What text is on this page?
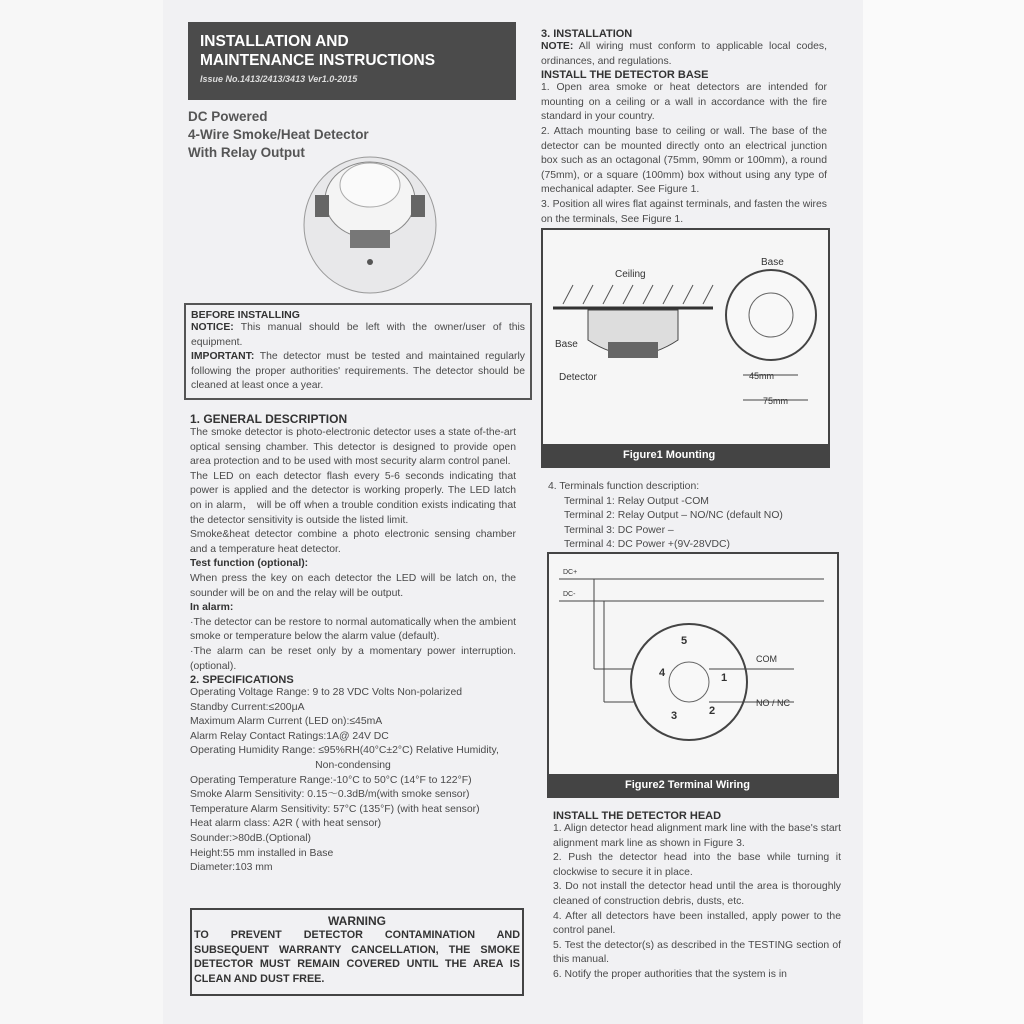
INSTALLATION AND
MAINTENANCE INSTRUCTIONS
Issue No.1413/2413/3413 Ver1.0-2015
DC Powered
4-Wire Smoke/Heat Detector
With Relay Output
BEFORE INSTALLING
NOTICE: This manual should be left with the owner/user of this equipment.
IMPORTANT: The detector must be tested and maintained regularly following the proper authorities' requirements. The detector should be cleaned at least once a year.
1. GENERAL DESCRIPTION
The smoke detector is photo-electronic detector uses a state of-the-art optical sensing chamber. This detector is designed to provide open area protection and to be used with most security alarm control panel.
The LED on each detector flash every 5-6 seconds indicating that power is applied and the detector is working properly. The LED latch on in alarm， will be off when a trouble condition exists indicating that the detector sensitivity is outside the listed limit.
Smoke&heat detector combine a photo electronic sensing chamber and a temperature heat detector.
Test function (optional):
When press the key on each detector the LED will be latch on, the sounder will be on and the relay will be output.
In alarm:
·The detector can be restore to normal automatically when the ambient smoke or temperature below the alarm value (default).
·The alarm can be reset only by a momentary power interruption. (optional).
2. SPECIFICATIONS
Operating Voltage Range: 9 to 28 VDC Volts Non-polarized
Standby Current:≤200μA
Maximum Alarm Current (LED on):≤45mA
Alarm Relay Contact Ratings:1A@ 24V DC
Operating Humidity Range: ≤95%RH(40°C±2°C) Relative Humidity,
Non-condensing
Operating Temperature Range:-10°C to 50°C (14°F to 122°F)
Smoke Alarm Sensitivity: 0.15～0.3dB/m(with smoke sensor)
Temperature Alarm Sensitivity: 57°C (135°F) (with heat sensor)
Heat alarm class: A2R ( with heat sensor)
Sounder:>80dB.(Optional)
Height:55 mm installed in Base
Diameter:103 mm
WARNING
TO PREVENT DETECTOR CONTAMINATION AND SUBSEQUENT WARRANTY CANCELLATION, THE SMOKE DETECTOR MUST REMAIN COVERED UNTIL THE AREA IS CLEAN AND DUST FREE.
3. INSTALLATION
NOTE: All wiring must conform to applicable local codes, ordinances, and regulations.
INSTALL THE DETECTOR BASE
1. Open area smoke or heat detectors are intended for mounting on a ceiling or a wall in accordance with the fire standard in your country.
2. Attach mounting base to ceiling or wall. The base of the detector can be mounted directly onto an electrical junction box such as an octagonal (75mm, 90mm or 100mm), a round (75mm), or a square (100mm) box without using any type of mechanical adapter. See Figure 1.
3. Position all wires flat against terminals, and fasten the wires on the terminals, See Figure 1.
Ceiling
Base
Detector
Base
45mm
75mm
Figure1 Mounting
4. Terminals function description:
Terminal 1: Relay Output -COM
Terminal 2: Relay Output – NO/NC (default NO)
Terminal 3: DC Power –
Terminal 4: DC Power +(9V-28VDC)
DC+
DC-
COM
NO / NC
5
1
2
3
4
Figure2 Terminal Wiring
INSTALL THE DETECTOR HEAD
1. Align detector head alignment mark line with the base's start alignment mark line as shown in Figure 3.
2. Push the detector head into the base while turning it clockwise to secure it in place.
3. Do not install the detector head until the area is thoroughly cleaned of construction debris, dusts, etc.
4. After all detectors have been installed, apply power to the control panel.
5. Test the detector(s) as described in the TESTING section of this manual.
6. Notify the proper authorities that the system is in
